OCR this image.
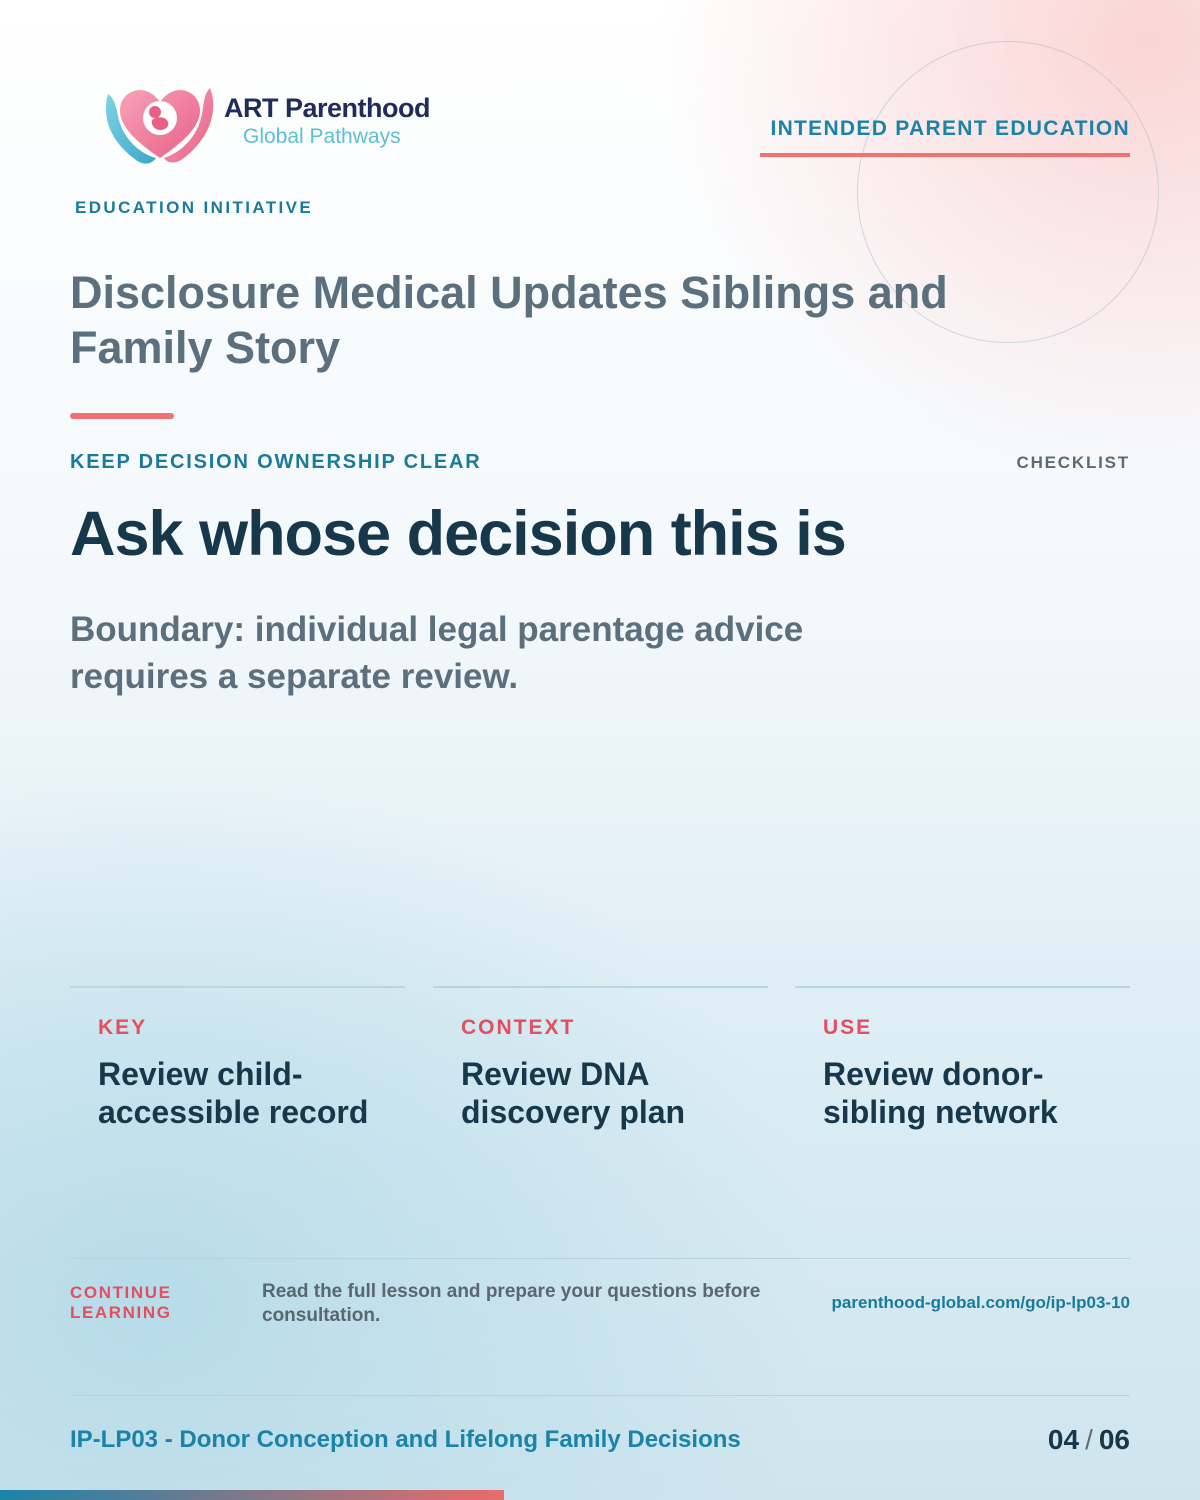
ART Parenthood
Global Pathways
EDUCATION INITIATIVE
INTENDED PARENT EDUCATION
Disclosure Medical Updates Siblings and
Family Story
KEEP DECISION OWNERSHIP CLEAR	CHECKLIST
Ask whose decision this is

Boundary: individual legal parentage advice requires a separate review.

KEY
Review child-accessible record
CONTEXT
Review DNA discovery plan
USE
Review donor-sibling network
CONTINUE LEARNING
Read the full lesson and prepare your questions before consultation.
parenthood-global.com/go/ip-lp03-10
IP-LP03 - Donor Conception and Lifelong Family Decisions	04 / 06
